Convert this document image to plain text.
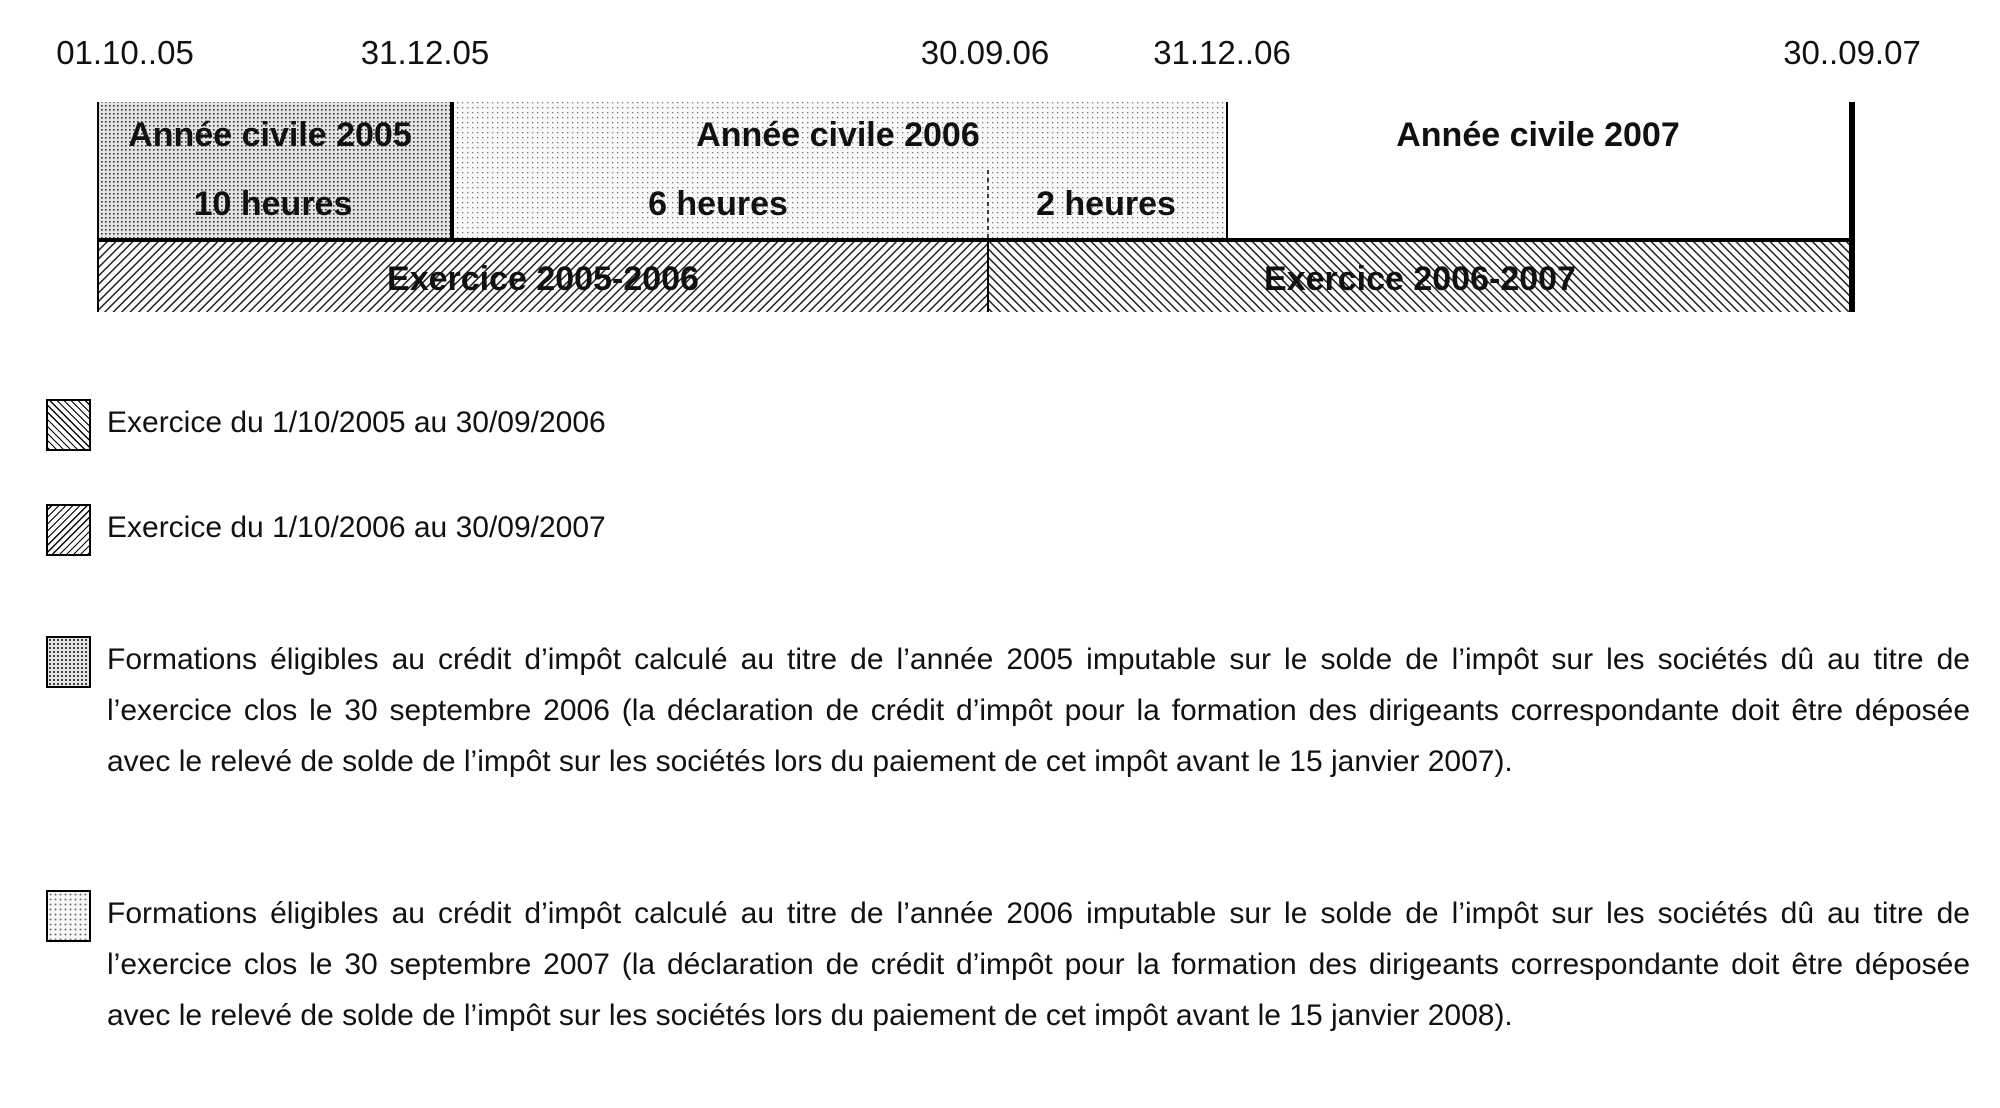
01.10..05	31.12.05	30.09.06	31.12..06	30..09.07
Année civile 2005	Année civile 2006	Année civile 2007
10 heures	6 heures	2 heures
Exercice 2005-2006	Exercice 2006-2007
Exercice du 1/10/2005 au 30/09/2006
Exercice du 1/10/2006 au 30/09/2007
Formations éligibles au crédit d’impôt calculé au titre de l’année 2005 imputable sur le solde de l’impôt sur les sociétés dû au titre de l’exercice clos le 30 septembre 2006 (la déclaration de crédit d’impôt pour la formation des dirigeants correspondante doit être déposée avec le relevé de solde de l’impôt sur les sociétés lors du paiement de cet impôt avant le 15 janvier 2007).
Formations éligibles au crédit d’impôt calculé au titre de l’année 2006 imputable sur le solde de l’impôt sur les sociétés dû au titre de l’exercice clos le 30 septembre 2007 (la déclaration de crédit d’impôt pour la formation des dirigeants correspondante doit être déposée avec le relevé de solde de l’impôt sur les sociétés lors du paiement de cet impôt avant le 15 janvier 2008).
